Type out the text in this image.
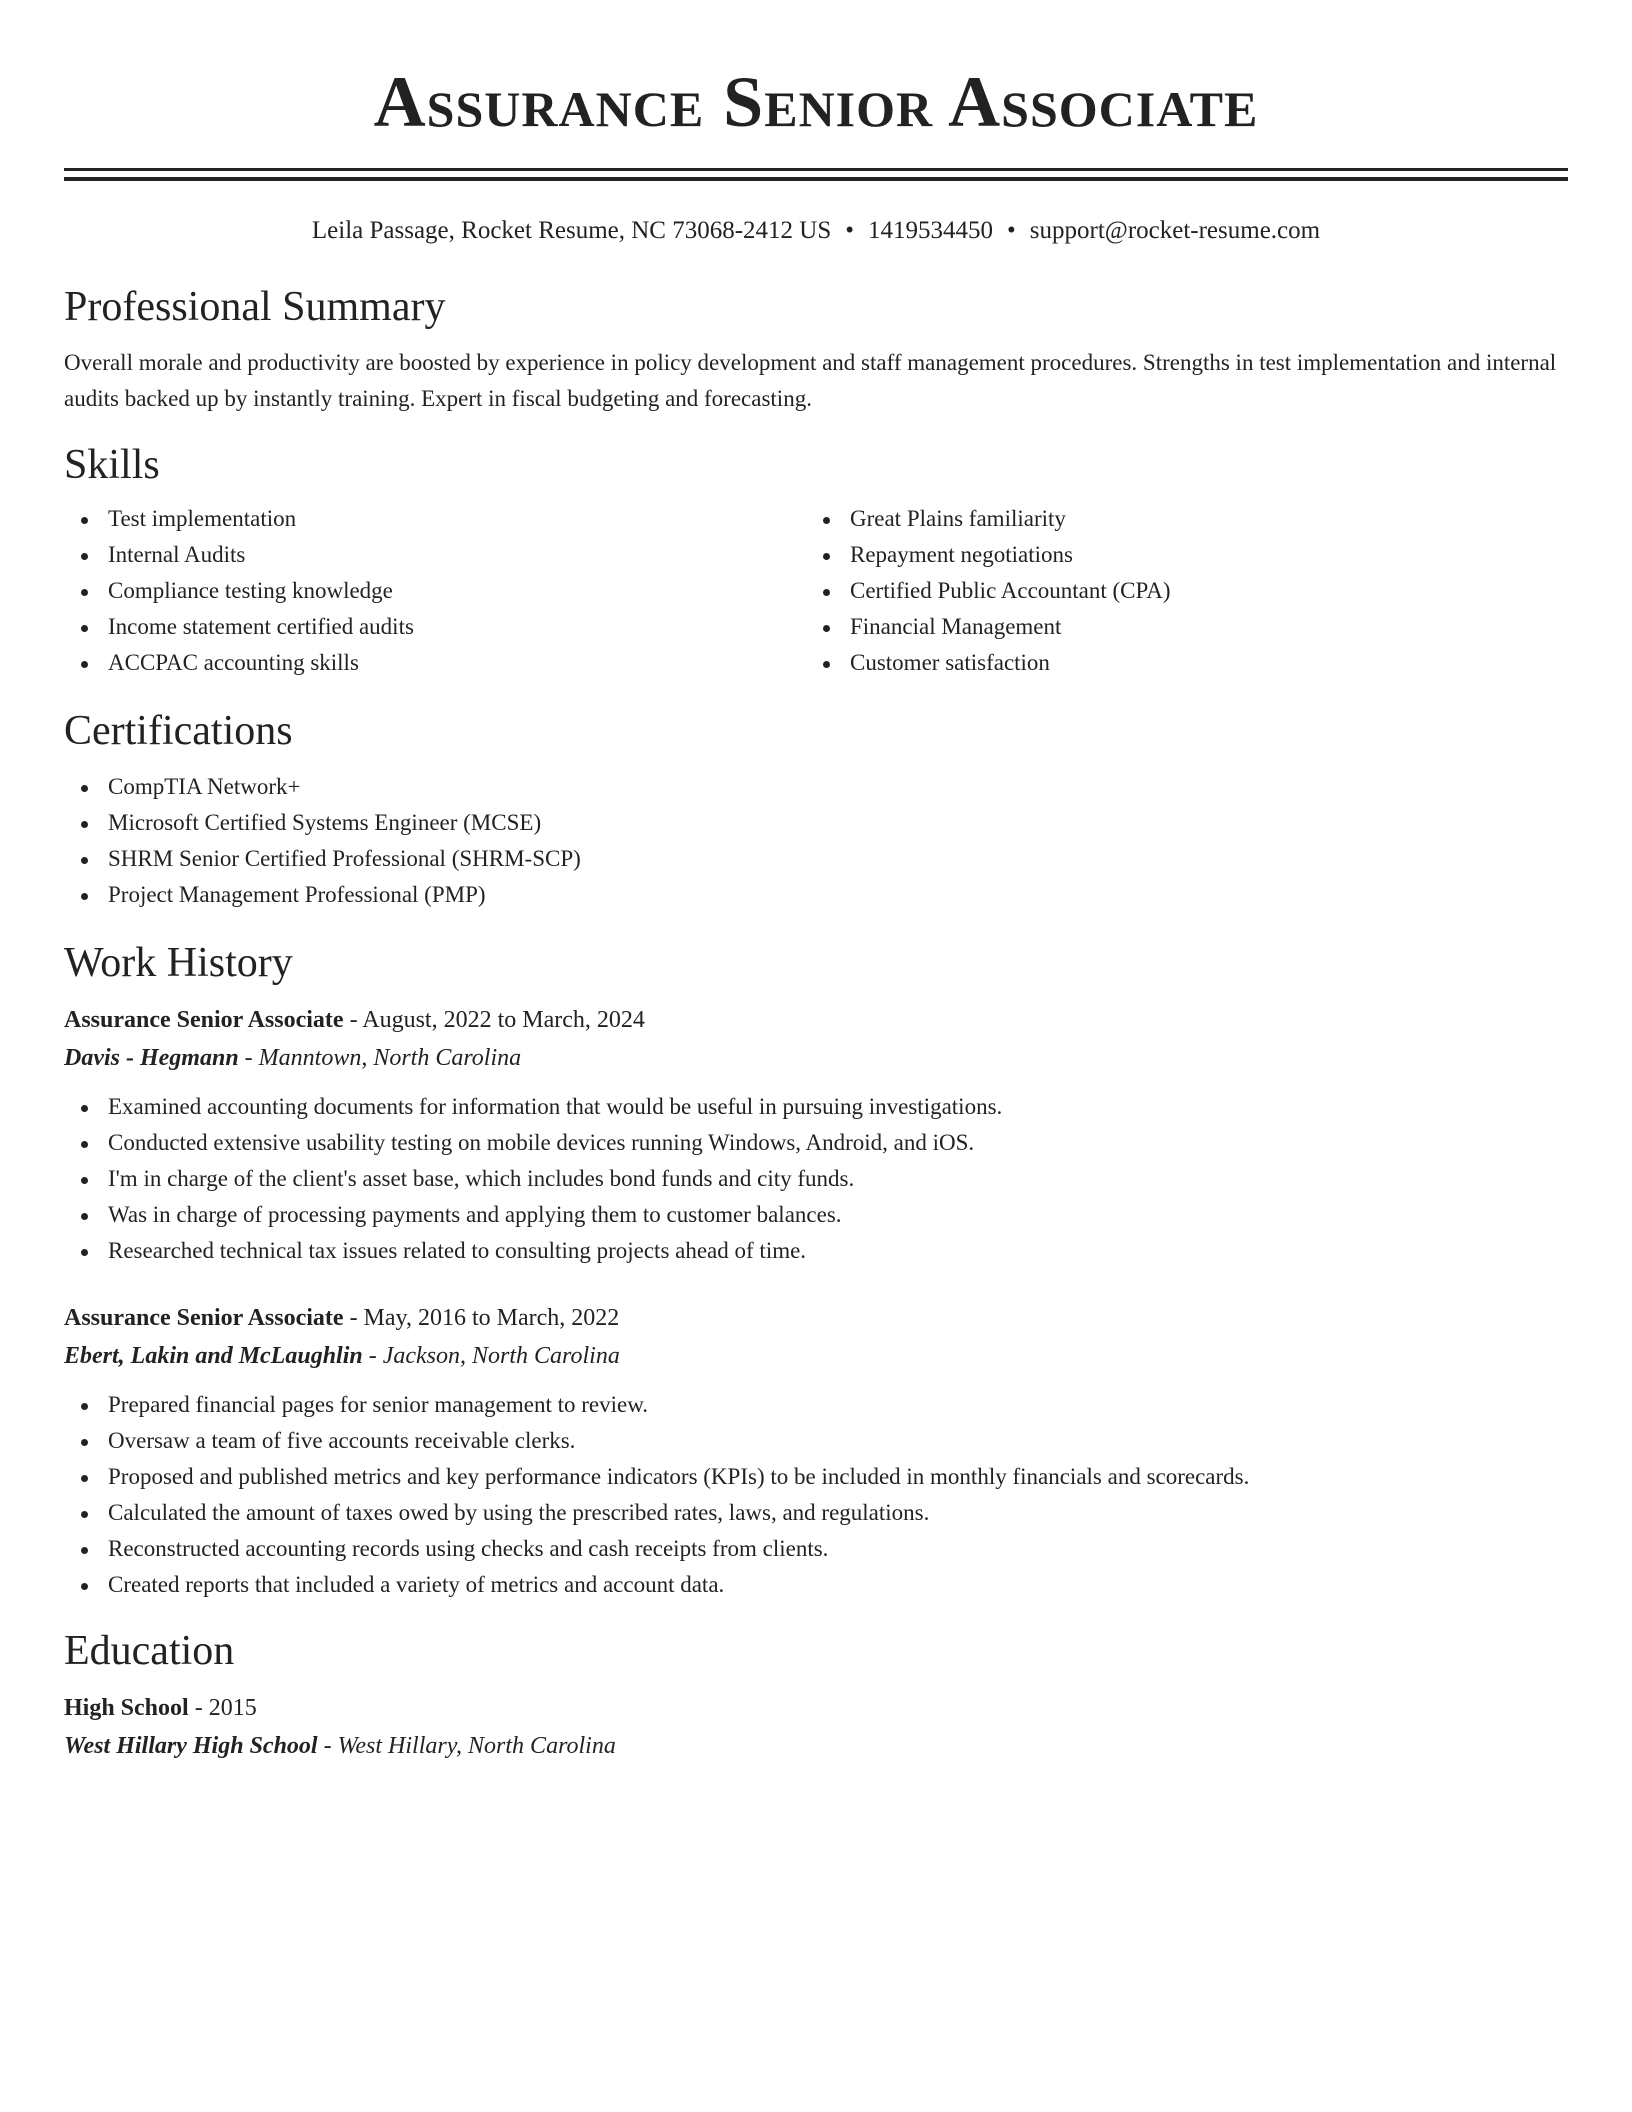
Assurance Senior Associate
Leila Passage, Rocket Resume, NC 73068-2412 US • 1419534450 • support@rocket-resume.com
Professional Summary

Overall morale and productivity are boosted by experience in policy development and staff management procedures. Strengths in test implementation and internal audits backed up by instantly training. Expert in fiscal budgeting and forecasting.

Skills
Test implementation
Internal Audits
Compliance testing knowledge
Income statement certified audits
ACCPAC accounting skills
Great Plains familiarity
Repayment negotiations
Certified Public Accountant (CPA)
Financial Management
Customer satisfaction
Certifications
CompTIA Network+
Microsoft Certified Systems Engineer (MCSE)
SHRM Senior Certified Professional (SHRM-SCP)
Project Management Professional (PMP)
Work History
Assurance Senior Associate - August, 2022 to March, 2024
Davis - Hegmann - Manntown, North Carolina
Examined accounting documents for information that would be useful in pursuing investigations.
Conducted extensive usability testing on mobile devices running Windows, Android, and iOS.
I'm in charge of the client's asset base, which includes bond funds and city funds.
Was in charge of processing payments and applying them to customer balances.
Researched technical tax issues related to consulting projects ahead of time.
Assurance Senior Associate - May, 2016 to March, 2022
Ebert, Lakin and McLaughlin - Jackson, North Carolina
Prepared financial pages for senior management to review.
Oversaw a team of five accounts receivable clerks.
Proposed and published metrics and key performance indicators (KPIs) to be included in monthly financials and scorecards.
Calculated the amount of taxes owed by using the prescribed rates, laws, and regulations.
Reconstructed accounting records using checks and cash receipts from clients.
Created reports that included a variety of metrics and account data.
Education
High School - 2015
West Hillary High School - West Hillary, North Carolina
